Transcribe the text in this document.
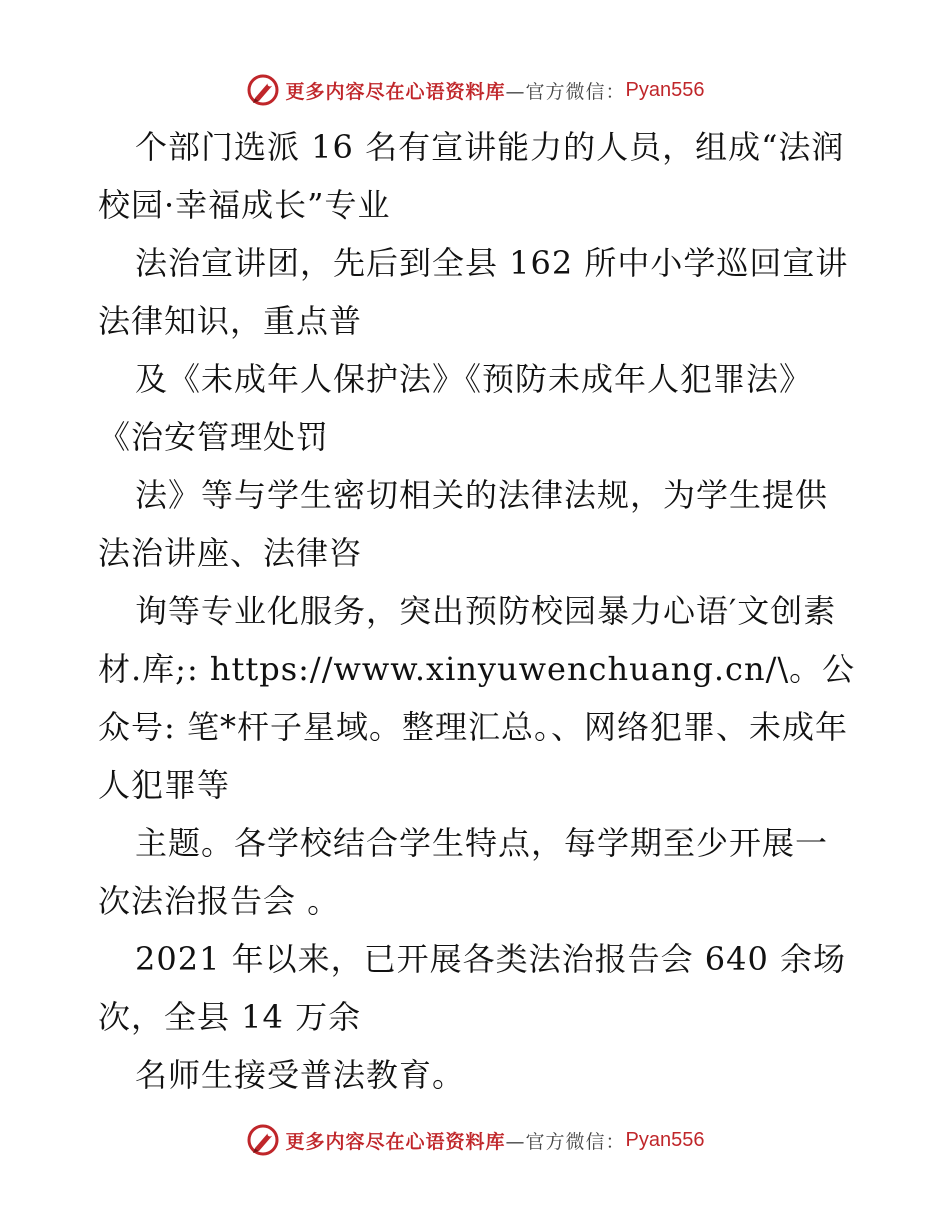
更多内容尽在心语资料库 —官方微信： Pyan556

个部门选派 16 名有宣讲能力的人员，组成“法润校园·幸福成长”专业

法治宣讲团，先后到全县 162 所中小学巡回宣讲法律知识，重点普

及《未成年人保护法》《预防未成年人犯罪法》《治安管理处罚

法》等与学生密切相关的法律法规，为学生提供法治讲座、法律咨

询等专业化服务，突出预防校园暴力心语′文创素材.库;: https://www.xinyuwenchuang.cn/\。公众号: 笔*杆子星域。整理汇总。、网络犯罪、未成年人犯罪等

主题。各学校结合学生特点，每学期至少开展一次法治报告会 。

2021 年以来，已开展各类法治报告会 640 余场次，全县 14 万余

名师生接受普法教育。

更多内容尽在心语资料库 —官方微信： Pyan556
